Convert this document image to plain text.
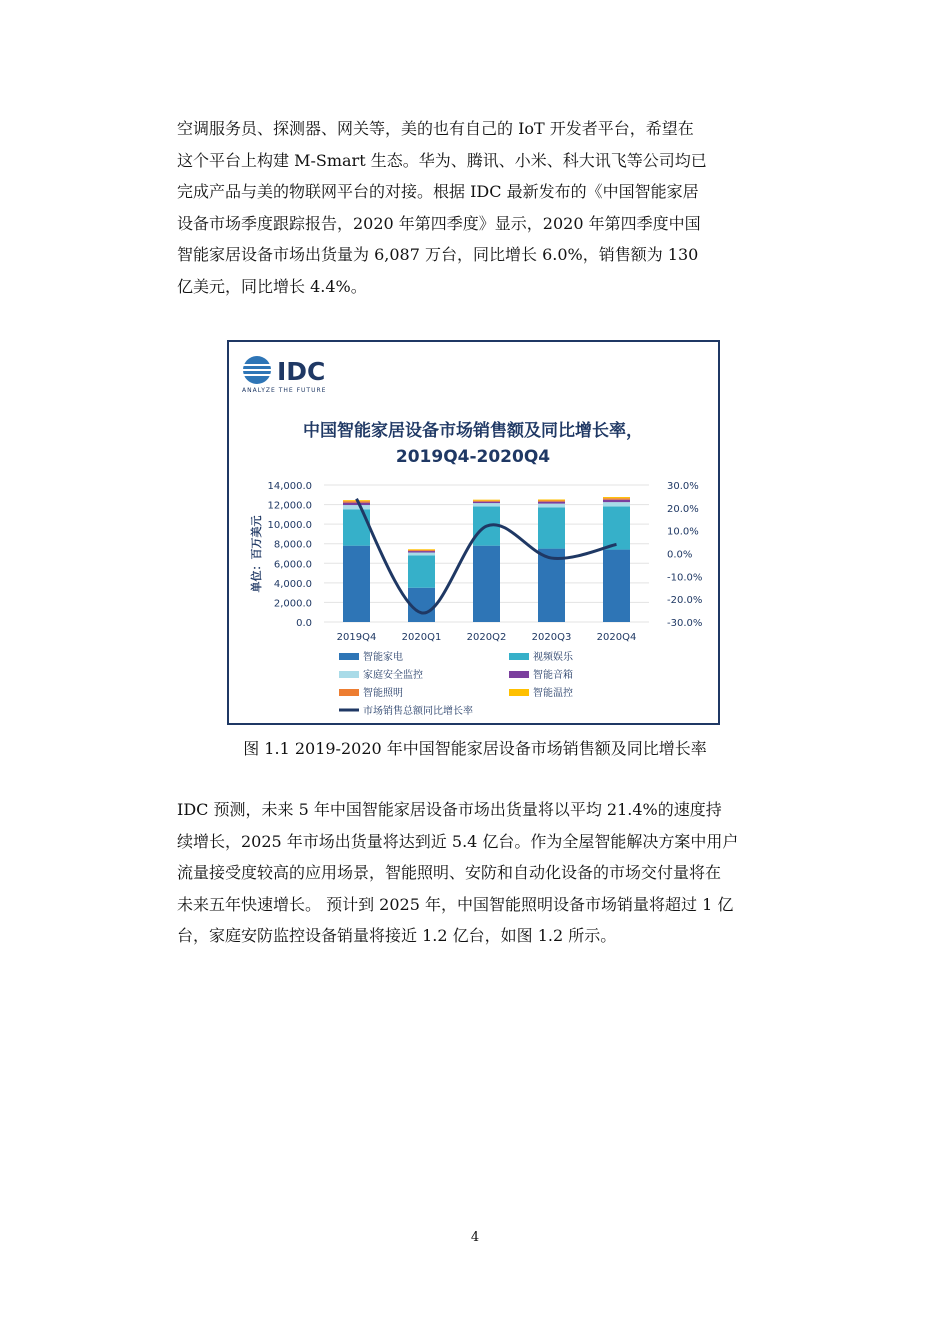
空调服务员、探测器、网关等，美的也有自己的 IoT 开发者平台，希望在
这个平台上构建 M-Smart 生态。华为、腾讯、小米、科大讯飞等公司均已
完成产品与美的物联网平台的对接。根据 IDC 最新发布的《中国智能家居
设备市场季度跟踪报告，2020 年第四季度》显示，2020 年第四季度中国
智能家居设备市场出货量为 6,087 万台，同比增长 6.0%，销售额为 130
亿美元，同比增长 4.4%。
IDC
ANALYZE THE FUTURE
中国智能家居设备市场销售额及同比增长率，
2019Q4-2020Q4
14,000.0
12,000.0
10,000.0
8,000.0
6,000.0
4,000.0
2,000.0
0.0
30.0%
20.0%
10.0%
0.0%
-10.0%
-20.0%
-30.0%
2019Q4	2020Q1	2020Q2	2020Q3	2020Q4
单位：百万美元
智能家电	视频娱乐
家庭安全监控	智能音箱
智能照明	智能温控
市场销售总额同比增长率
图 1.1 2019-2020 年中国智能家居设备市场销售额及同比增长率
IDC 预测，未来 5 年中国智能家居设备市场出货量将以平均 21.4%的速度持
续增长，2025 年市场出货量将达到近 5.4 亿台。作为全屋智能解决方案中用户
流量接受度较高的应用场景，智能照明、安防和自动化设备的市场交付量将在
未来五年快速增长。 预计到 2025 年，中国智能照明设备市场销量将超过 1 亿
台，家庭安防监控设备销量将接近 1.2 亿台，如图 1.2 所示。
4
